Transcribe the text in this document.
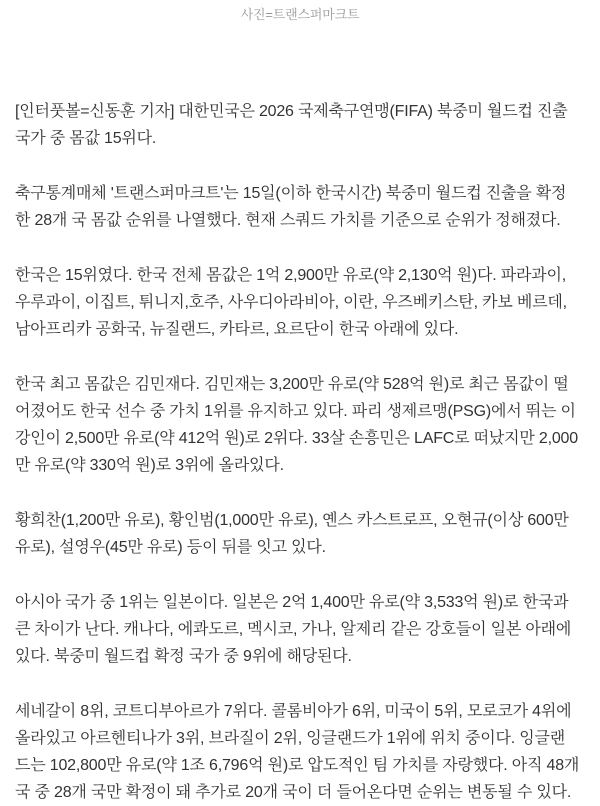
사진=트랜스퍼마크트

[인터풋볼=신동훈 기자] 대한민국은 2026 국제축구연맹(FIFA) 북중미 월드컵 진출 국가 중 몸값 15위다.

축구통계매체 '트랜스퍼마크트'는 15일(이하 한국시간) 북중미 월드컵 진출을 확정한 28개 국 몸값 순위를 나열했다. 현재 스쿼드 가치를 기준으로 순위가 정해졌다.

한국은 15위였다. 한국 전체 몸값은 1억 2,900만 유로(약 2,130억 원)다. 파라과이, 우루과이, 이집트, 튀니지,호주, 사우디아라비아, 이란, 우즈베키스탄, 카보 베르데, 남아프리카 공화국, 뉴질랜드, 카타르, 요르단이 한국 아래에 있다.

한국 최고 몸값은 김민재다. 김민재는 3,200만 유로(약 528억 원)로 최근 몸값이 떨어졌어도 한국 선수 중 가치 1위를 유지하고 있다. 파리 생제르맹(PSG)에서 뛰는 이강인이 2,500만 유로(약 412억 원)로 2위다. 33살 손흥민은 LAFC로 떠났지만 2,000만 유로(약 330억 원)로 3위에 올라있다.

황희찬(1,200만 유로), 황인범(1,000만 유로), 옌스 카스트로프, 오현규(이상 600만 유로), 설영우(45만 유로) 등이 뒤를 잇고 있다.

아시아 국가 중 1위는 일본이다. 일본은 2억 1,400만 유로(약 3,533억 원)로 한국과 큰 차이가 난다. 캐나다, 에콰도르, 멕시코, 가나, 알제리 같은 강호들이 일본 아래에 있다. 북중미 월드컵 확정 국가 중 9위에 해당된다.

세네갈이 8위, 코트디부아르가 7위다. 콜롬비아가 6위, 미국이 5위, 모로코가 4위에 올라있고 아르헨티나가 3위, 브라질이 2위, 잉글랜드가 1위에 위치 중이다. 잉글랜드는 102,800만 유로(약 1조 6,796억 원)로 압도적인 팀 가치를 자랑했다. 아직 48개 국 중 28개 국만 확정이 돼 추가로 20개 국이 더 들어온다면 순위는 변동될 수 있다.
